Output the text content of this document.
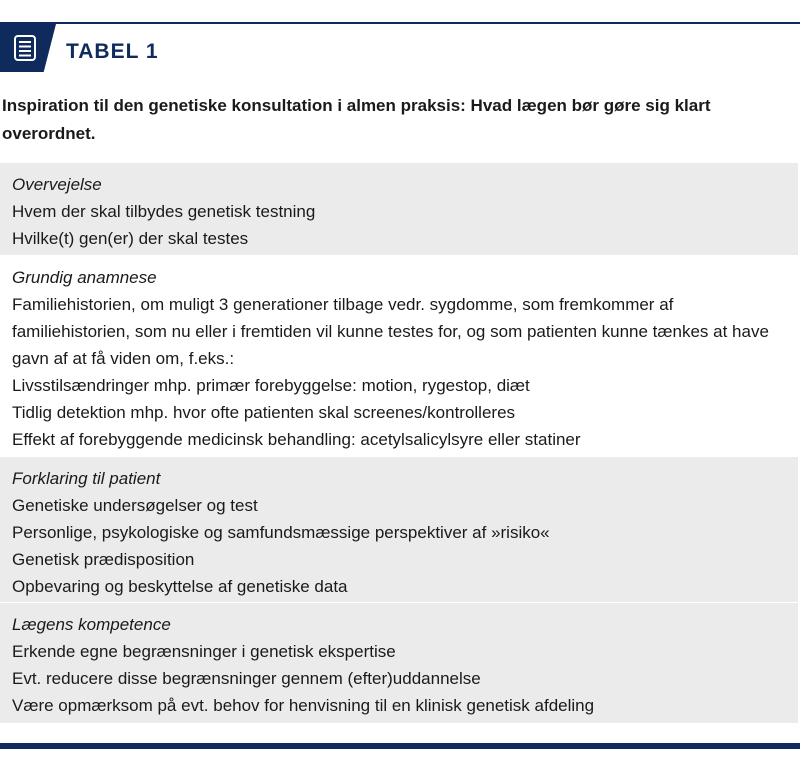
TABEL 1
Inspiration til den genetiske konsultation i almen praksis: Hvad lægen bør gøre sig klart overordnet.
Overvejelse
Hvem der skal tilbydes genetisk testning
Hvilke(t) gen(er) der skal testes
Grundig anamnese
Familiehistorien, om muligt 3 generationer tilbage vedr. sygdomme, som fremkommer af familiehistorien, som nu eller i fremtiden vil kunne testes for, og som patienten kunne tænkes at have gavn af at få viden om, f.eks.:
Livsstilsændringer mhp. primær forebyggelse: motion, rygestop, diæt
Tidlig detektion mhp. hvor ofte patienten skal screenes/kontrolleres
Effekt af forebyggende medicinsk behandling: acetylsalicylsyre eller statiner
Forklaring til patient
Genetiske undersøgelser og test
Personlige, psykologiske og samfundsmæssige perspektiver af »risiko«
Genetisk prædisposition
Opbevaring og beskyttelse af genetiske data
Lægens kompetence
Erkende egne begrænsninger i genetisk ekspertise
Evt. reducere disse begrænsninger gennem (efter)uddannelse
Være opmærksom på evt. behov for henvisning til en klinisk genetisk afdeling
